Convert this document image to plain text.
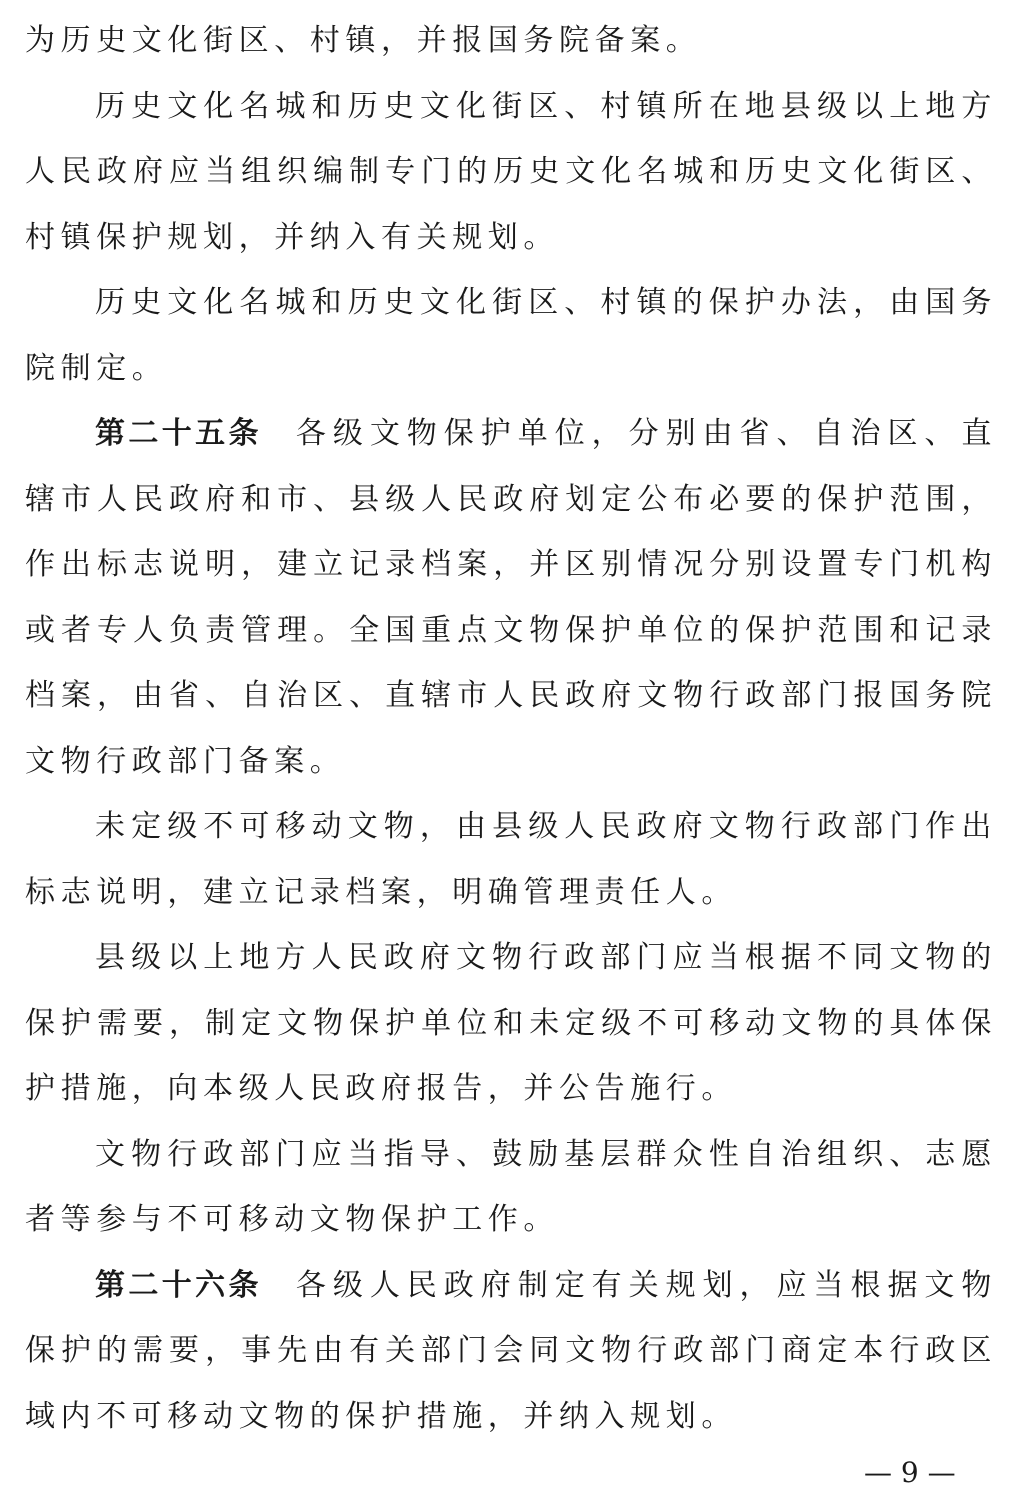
为历史文化街区、村镇，并报国务院备案。

历史文化名城和历史文化街区、村镇所在地县级以上地方人民政府应当组织编制专门的历史文化名城和历史文化街区、村镇保护规划，并纳入有关规划。

历史文化名城和历史文化街区、村镇的保护办法，由国务院制定。

第二十五条 各级文物保护单位，分别由省、自治区、直辖市人民政府和市、县级人民政府划定公布必要的保护范围，作出标志说明，建立记录档案，并区别情况分别设置专门机构或者专人负责管理。全国重点文物保护单位的保护范围和记录档案，由省、自治区、直辖市人民政府文物行政部门报国务院文物行政部门备案。

未定级不可移动文物，由县级人民政府文物行政部门作出标志说明，建立记录档案，明确管理责任人。

县级以上地方人民政府文物行政部门应当根据不同文物的保护需要，制定文物保护单位和未定级不可移动文物的具体保护措施，向本级人民政府报告，并公告施行。

文物行政部门应当指导、鼓励基层群众性自治组织、志愿者等参与不可移动文物保护工作。

第二十六条 各级人民政府制定有关规划，应当根据文物保护的需要，事先由有关部门会同文物行政部门商定本行政区域内不可移动文物的保护措施，并纳入规划。

— 9 —
